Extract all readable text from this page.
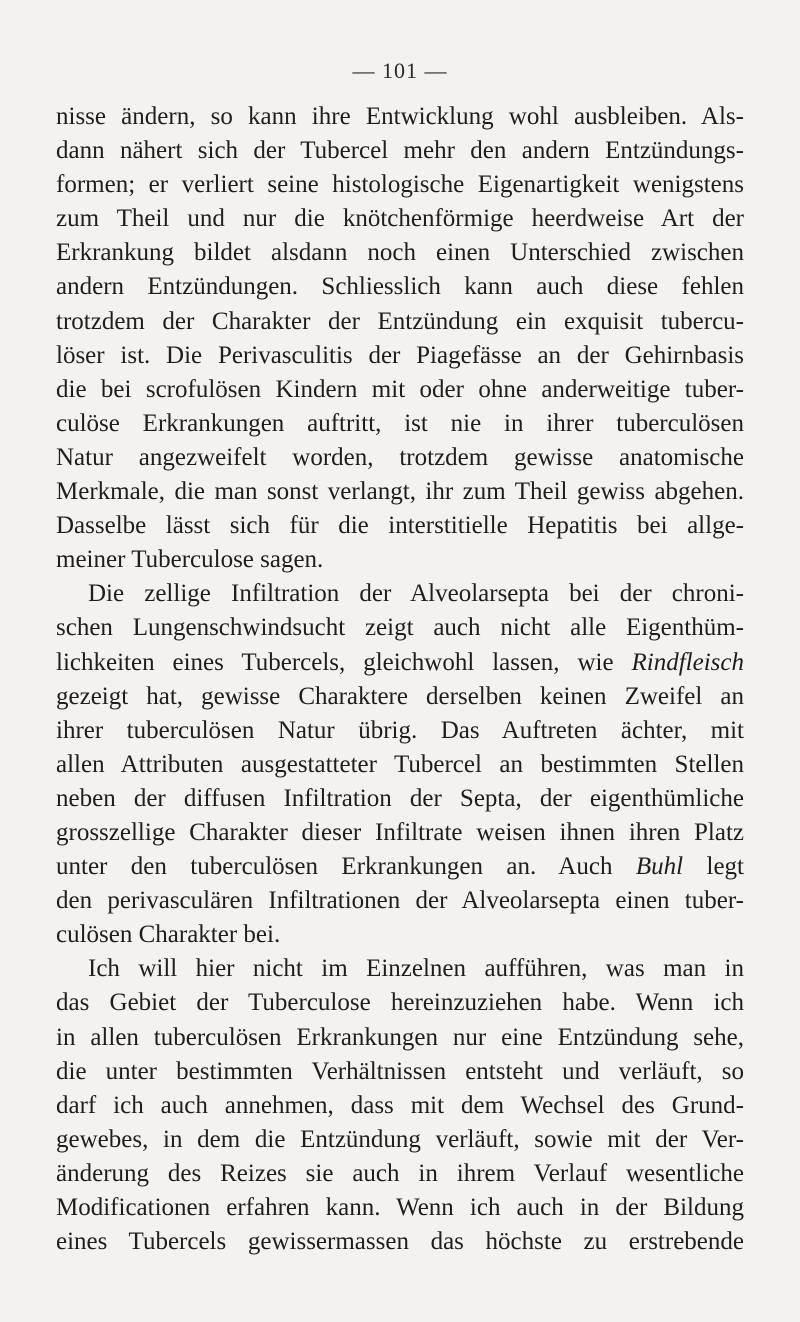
— 101 —
nisse ändern, so kann ihre Entwicklung wohl ausbleiben. Als-
dann nähert sich der Tubercel mehr den andern Entzündungs-
formen; er verliert seine histologische Eigenartigkeit wenigstens
zum Theil und nur die knötchenförmige heerdweise Art der
Erkrankung bildet alsdann noch einen Unterschied zwischen
andern Entzündungen. Schliesslich kann auch diese fehlen
trotzdem der Charakter der Entzündung ein exquisit tubercu-
löser ist. Die Perivasculitis der Piagefässe an der Gehirnbasis
die bei scrofulösen Kindern mit oder ohne anderweitige tuber-
culöse Erkrankungen auftritt, ist nie in ihrer tuberculösen
Natur angezweifelt worden, trotzdem gewisse anatomische
Merkmale, die man sonst verlangt, ihr zum Theil gewiss abgehen.
Dasselbe lässt sich für die interstitielle Hepatitis bei allge-
meiner Tuberculose sagen.
Die zellige Infiltration der Alveolarsepta bei der chroni-
schen Lungenschwindsucht zeigt auch nicht alle Eigenthüm-
lichkeiten eines Tubercels, gleichwohl lassen, wie Rindfleisch
gezeigt hat, gewisse Charaktere derselben keinen Zweifel an
ihrer tuberculösen Natur übrig. Das Auftreten ächter, mit
allen Attributen ausgestatteter Tubercel an bestimmten Stellen
neben der diffusen Infiltration der Septa, der eigenthümliche
grosszellige Charakter dieser Infiltrate weisen ihnen ihren Platz
unter den tuberculösen Erkrankungen an. Auch Buhl legt
den perivasculären Infiltrationen der Alveolarsepta einen tuber-
culösen Charakter bei.
Ich will hier nicht im Einzelnen aufführen, was man in
das Gebiet der Tuberculose hereinzuziehen habe. Wenn ich
in allen tuberculösen Erkrankungen nur eine Entzündung sehe,
die unter bestimmten Verhältnissen entsteht und verläuft, so
darf ich auch annehmen, dass mit dem Wechsel des Grund-
gewebes, in dem die Entzündung verläuft, sowie mit der Ver-
änderung des Reizes sie auch in ihrem Verlauf wesentliche
Modificationen erfahren kann. Wenn ich auch in der Bildung
eines Tubercels gewissermassen das höchste zu erstrebende
